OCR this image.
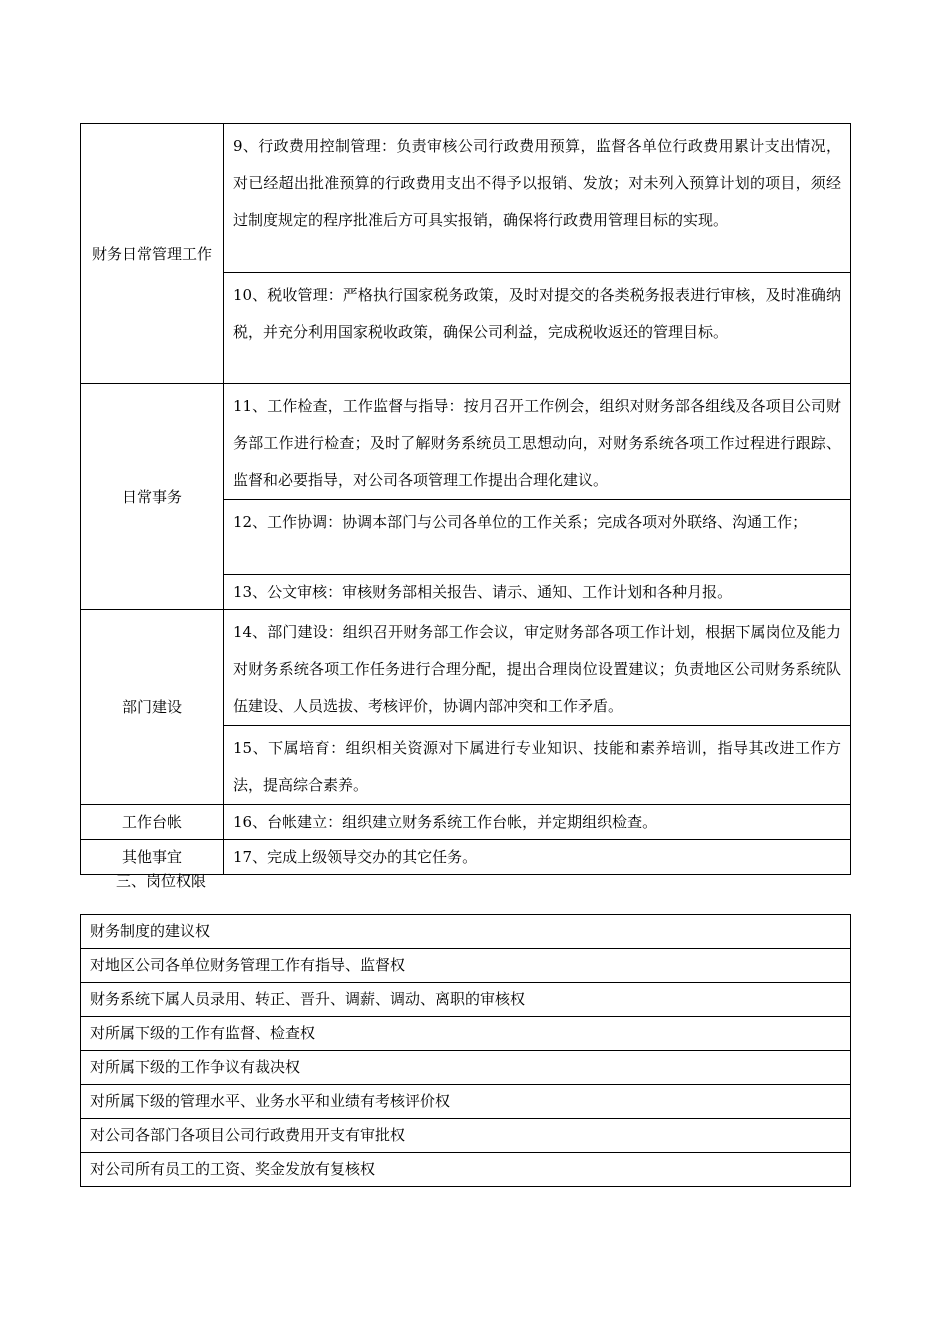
财务日常管理工作	9、行政费用控制管理：负责审核公司行政费用预算，监督各单位行政费用累计支出情况，对已经超出批准预算的行政费用支出不得予以报销、发放；对未列入预算计划的项目，须经过制度规定的程序批准后方可具实报销，确保将行政费用管理目标的实现。
	10、税收管理：严格执行国家税务政策，及时对提交的各类税务报表进行审核，及时准确纳税，并充分利用国家税收政策，确保公司利益，完成税收返还的管理目标。
日常事务	11、工作检查，工作监督与指导：按月召开工作例会，组织对财务部各组线及各项目公司财务部工作进行检查；及时了解财务系统员工思想动向，对财务系统各项工作过程进行跟踪、监督和必要指导，对公司各项管理工作提出合理化建议。
	12、工作协调：协调本部门与公司各单位的工作关系；完成各项对外联络、沟通工作；
	13、公文审核：审核财务部相关报告、请示、通知、工作计划和各种月报。
部门建设	14、部门建设：组织召开财务部工作会议，审定财务部各项工作计划，根据下属岗位及能力对财务系统各项工作任务进行合理分配，提出合理岗位设置建议；负责地区公司财务系统队伍建设、人员选拔、考核评价，协调内部冲突和工作矛盾。
	15、下属培育：组织相关资源对下属进行专业知识、技能和素养培训，指导其改进工作方法，提高综合素养。
工作台帐	16、台帐建立：组织建立财务系统工作台帐，并定期组织检查。
其他事宜	17、完成上级领导交办的其它任务。
三、岗位权限
财务制度的建议权
对地区公司各单位财务管理工作有指导、监督权
财务系统下属人员录用、转正、晋升、调薪、调动、离职的审核权
对所属下级的工作有监督、检查权
对所属下级的工作争议有裁决权
对所属下级的管理水平、业务水平和业绩有考核评价权
对公司各部门各项目公司行政费用开支有审批权
对公司所有员工的工资、奖金发放有复核权
